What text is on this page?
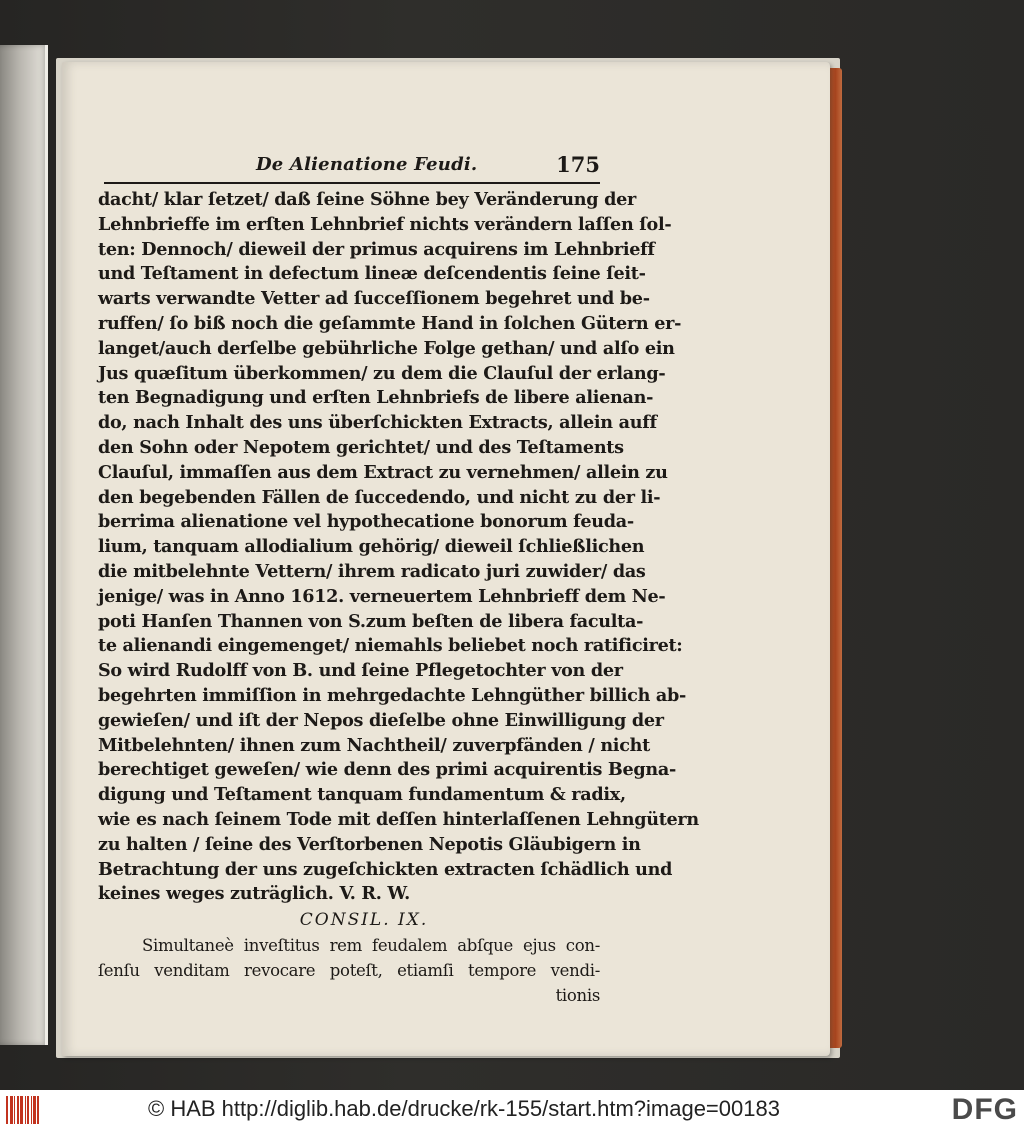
De Alienatione Feudi.	175
dacht/ klar ſetzet/ daß ſeine Söhne bey Veränderung der
Lehnbrieffe im erſten Lehnbrief nichts verändern laſſen ſol-
ten: Dennoch/ dieweil der primus acquirens im Lehnbrieff
und Teſtament in defectum lineæ deſcendentis ſeine ſeit-
warts verwandte Vetter ad ſucceſſionem begehret und be-
ruffen/ ſo biß noch die geſammte Hand in ſolchen Gütern er-
langet/auch derſelbe gebührliche Folge gethan/ und alſo ein
Jus quæſitum überkommen/ zu dem die Clauſul der erlang-
ten Begnadigung und erſten Lehnbriefs de libere alienan-
do, nach Inhalt des uns überſchickten Extracts, allein auff
den Sohn oder Nepotem gerichtet/ und des Teſtaments
Clauſul, immaſſen aus dem Extract zu vernehmen/ allein zu
den begebenden Fällen de ſuccedendo, und nicht zu der li-
berrima alienatione vel hypothecatione bonorum feuda-
lium, tanquam allodialium gehörig/ dieweil ſchließlichen
die mitbelehnte Vettern/ ihrem radicato juri zuwider/ das
jenige/ was in Anno 1612. verneuertem Lehnbrieff dem Ne-
poti Hanſen Thannen von S.zum beſten de libera faculta-
te alienandi eingemenget/ niemahls beliebet noch ratificiret:
So wird Rudolff von B. und ſeine Pflegetochter von der
begehrten immiſſion in mehrgedachte Lehngüther billich ab-
gewieſen/ und iſt der Nepos dieſelbe ohne Einwilligung der
Mitbelehnten/ ihnen zum Nachtheil/ zuverpfänden / nicht
berechtiget geweſen/ wie denn des primi acquirentis Begna-
digung und Teſtament tanquam fundamentum & radix,
wie es nach ſeinem Tode mit deſſen hinterlaſſenen Lehngütern
zu halten / ſeine des Verſtorbenen Nepotis Gläubigern in
Betrachtung der uns zugeſchickten extracten ſchädlich und
keines weges zuträglich. V. R. W.
CONSIL. IX.
Simultaneè inveſtitus rem feudalem abſque ejus con-
ſenſu venditam revocare poteſt, etiamſi tempore vendi-
tionis
© HAB http://diglib.hab.de/drucke/rk-155/start.htm?image=00183	DFG
